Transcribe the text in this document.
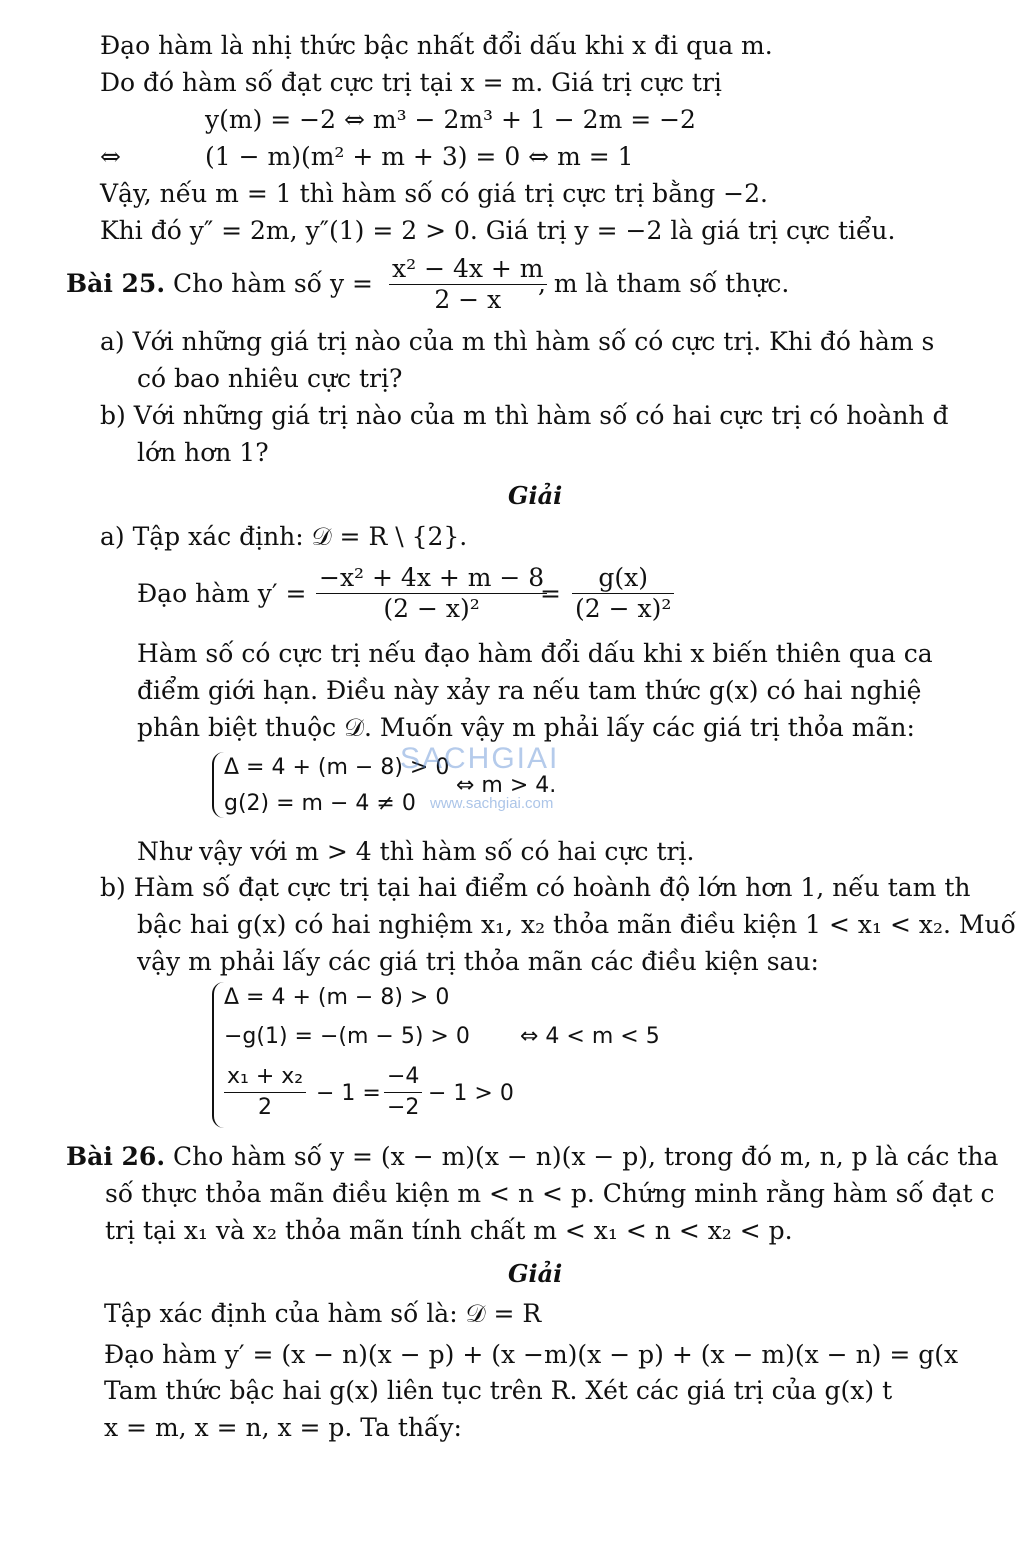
Đạo hàm là nhị thức bậc nhất đổi dấu khi x đi qua m.
Do đó hàm số đạt cực trị tại x = m. Giá trị cực trị
y(m) = −2 ⇔ m³ − 2m³ + 1 − 2m = −2
⇔	(1 − m)(m² + m + 3) = 0 ⇔ m = 1
Vậy, nếu m = 1 thì hàm số có giá trị cực trị bằng −2.
Khi đó y″ = 2m, y″(1) = 2 > 0. Giá trị y = −2 là giá trị cực tiểu.
Bài 25. Cho hàm số $y = \frac{\text{x² − 4x + m}}{2 - x}$
, m là tham số thực.
a) Với những giá trị nào của m thì hàm số có cực trị. Khi đó hàm s
có bao nhiêu cực trị?
b) Với những giá trị nào của m thì hàm số có hai cực trị có hoành đ
lớn hơn 1?
Giải
a) Tập xác định: 𝒟 = R \ {2}.
Đạo hàm $y' = \frac{\text{−x² + 4x + m − 8}}{\text{(2 − x)²}}$
= $\frac{g(x)}{\text{(2 − x)²}}$
Hàm số có cực trị nếu đạo hàm đổi dấu khi x biến thiên qua ca
điểm giới hạn. Điều này xảy ra nếu tam thức g(x) có hai nghiệ
phân biệt thuộc 𝒟. Muốn vậy m phải lấy các giá trị thỏa mãn:
Δ = 4 + (m − 8) > 0
g(2) = m − 4 ≠ 0
⇔ m > 4.
Như vậy với m > 4 thì hàm số có hai cực trị.
b) Hàm số đạt cực trị tại hai điểm có hoành độ lớn hơn 1, nếu tam th
bậc hai g(x) có hai nghiệm x₁, x₂ thỏa mãn điều kiện 1 < x₁ < x₂. Muố
vậy m phải lấy các giá trị thỏa mãn các điều kiện sau:
Δ = 4 + (m − 8) > 0
−g(1) = −(m − 5) > 0 ⇔ 4 < m < 5
$\frac{\text{x₁ + x₂}}{2} - 1 = \frac{-4}{-2} - 1 > 0$
Bài 26. Cho hàm số y = (x − m)(x − n)(x − p), trong đó m, n, p là các tha
số thực thỏa mãn điều kiện m < n < p. Chứng minh rằng hàm số đạt c
trị tại x₁ và x₂ thỏa mãn tính chất m < x₁ < n < x₂ < p.
Giải
Tập xác định của hàm số là: 𝒟 = R
Đạo hàm y′ = (x − n)(x − p) + (x −m)(x − p) + (x − m)(x − n) = g(x
Tam thức bậc hai g(x) liên tục trên R. Xét các giá trị của g(x) t
x = m, x = n, x = p. Ta thấy:
SACHGIAI
www.sachgiai.com
